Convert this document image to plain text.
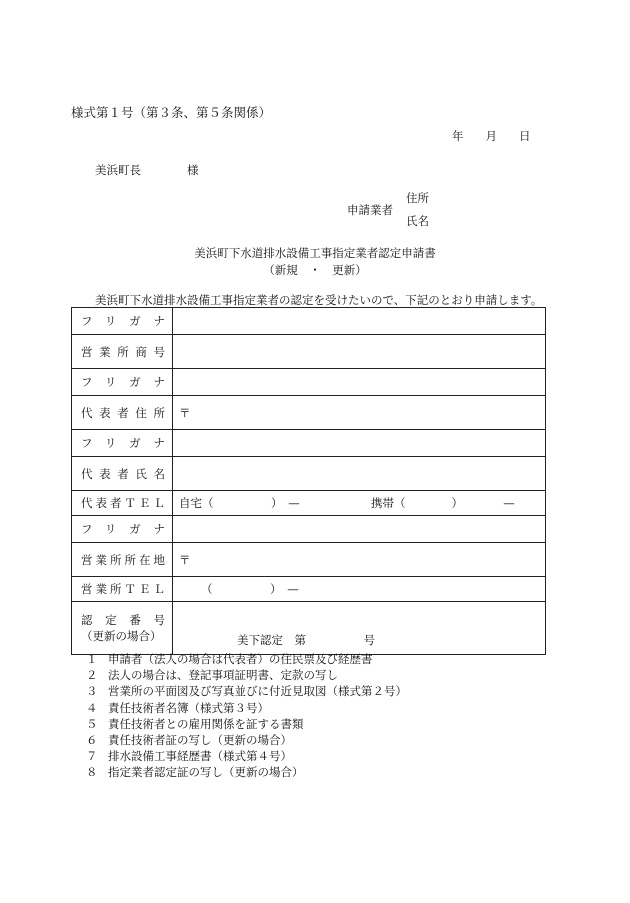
様式第１号（第３条、第５条関係）
年 月 日
美浜町長	様
申請業者
住所
氏名
美浜町下水道排水設備工事指定業者認定申請書
（新規　・　更新）
美浜町下水道排水設備工事指定業者の認定を受けたいので、下記のとおり申請します。
フリガナ	
営業所商号	
フリガナ	
代表者住所	〒
フリガナ	
代表者氏名	
代表者ＴＥＬ	自宅（　　　　　）　— 携帯（　　　　）　　　　—
フリガナ	
営業所所在地	〒
営業所ＴＥＬ	（　　　　　）　—

認定番号
（更新の場合）	美下認定　第　　　　　号
１ 申請者（法人の場合は代表者）の住民票及び経歴書
２ 法人の場合は、登記事項証明書、定款の写し
３ 営業所の平面図及び写真並びに付近見取図（様式第２号）
４ 責任技術者名簿（様式第３号）
５ 責任技術者との雇用関係を証する書類
６ 責任技術者証の写し（更新の場合）
７ 排水設備工事経歴書（様式第４号）
８ 指定業者認定証の写し（更新の場合）
